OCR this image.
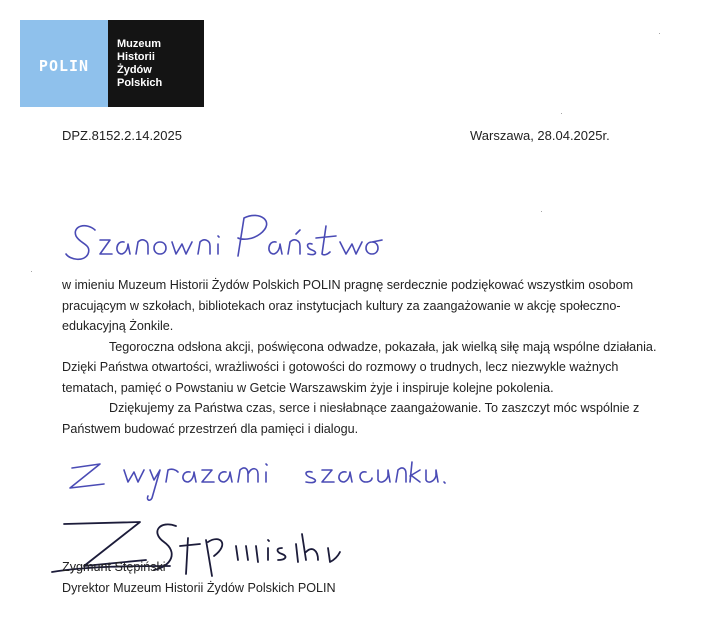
POLIN
Muzeum
Historii
Żydów
Polskich
DPZ.8152.2.14.2025	Warszawa, 28.04.2025r.

w imieniu Muzeum Historii Żydów Polskich POLIN pragnę serdecznie podziękować wszystkim osobom pracującym w szkołach, bibliotekach oraz instytucjach kultury za zaangażowanie w akcję społeczno-edukacyjną Żonkile.

Tegoroczna odsłona akcji, poświęcona odwadze, pokazała, jak wielką siłę mają wspólne działania. Dzięki Państwa otwartości, wrażliwości i gotowości do rozmowy o trudnych, lecz niezwykle ważnych tematach, pamięć o Powstaniu w Getcie Warszawskim żyje i inspiruje kolejne pokolenia.

Dziękujemy za Państwa czas, serce i niesłabnące zaangażowanie. To zaszczyt móc wspólnie z Państwem budować przestrzeń dla pamięci i dialogu.

Zygmunt Stępiński
Dyrektor Muzeum Historii Żydów Polskich POLIN
·
·
·
·
